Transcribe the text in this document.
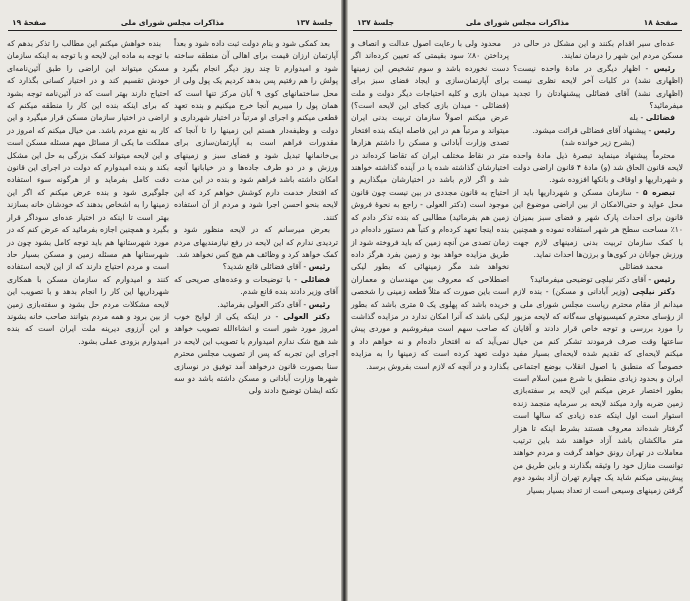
جلسهٔ ۱۳۷
مذاکرات مجلس شورای ملی
صفحهٔ ۱۹

بنده خواهش میکنم این مطالب را تذکر بدهم که با توجه به ماده این لایحه و با توجه به اینکه سازمان مسکن میتواند این اراضی را طبق آئین‌نامه‌ای خودش تقسیم کند و در اختیار کسانی بگذارد که احتیاج دارند بهتر است که در آئین‌نامه توجه بشود که برای اینکه بنده این کار را منطقه میکنم که اراضی در اختیار سازمان مسکن قرار میگیرد و این کار به نفع مردم باشد. من خیال میکنم که امروز در مملکت ما یکی از مسائل مهم مسئله مسکن است و این لایحه میتواند کمک بزرگی به حل این مشکل بکند و بنده امیدوارم که دولت در اجرای این قانون دقت کامل بفرماید و از هرگونه سوء استفاده جلوگیری شود و بنده عرض میکنم که اگر این زمینها را به اشخاص بدهند که خودشان خانه بسازند بهتر است تا اینکه در اختیار عده‌ای سوداگر قرار بگیرد و همچنین اجازه بفرمائید که عرض کنم که در مورد شهرستانها هم باید توجه کامل بشود چون در شهرستانها هم مسئله زمین و مسکن بسیار حاد است و مردم احتیاج دارند که از این لایحه استفاده کنند و امیدوارم که سازمان مسکن با همکاری شهرداریها این کار را انجام بدهد و با تصویب این لایحه مشکلات مردم حل بشود و سفته‌بازی زمین از بین برود و همه مردم بتوانند صاحب خانه بشوند و این آرزوی دیرینه ملت ایران است که بنده امیدوارم بزودی عملی بشود.

بعد کمکی شود و بنام دولت ثبت داده شود و بعداً آپارتمان ارزان قیمت برای اهالی آن منطقه ساخته شود و امیدوارم تا چند روز دیگر انجام بگیرد و پولش را هم رفتیم پس بدهد کردیم یک پول ولی از محل ساختمانهای کوی ۹ آبان مرکز تنها است که همان پول را میبریم آنجا خرج میکنیم و بنده تعهد قطعی میکنم و اجرای او مرتباً در اختیار شهرداری و دولت و وظیفه‌دار هستم این زمینها را تا آنجا که مقدورات فراهم است به آپارتمان‌سازی برای بی‌خانمانها تبدیل شود و فضای سبز و زمینهای ورزش و در دو طرف جاده‌ها و در خیابانها آنچه امکان داشته باشد فراهم شود و بنده در این مدت که افتخار خدمت دارم کوشش خواهم کرد که این لایحه بنحو احسن اجرا شود و مردم از آن استفاده کنند.

بعرض میرسانم که در لایحه منظور شود و تردیدی ندارم که این لایحه در رفع نیازمندیهای مردم کمک خواهد کرد و وظائف هم هیچ کس نخواهد شد.

رئیس - آقای فضائلی قانع شدید؟

فضائلی - با توضیحات و وعده‌های صریحی که آقای وزیر دادند بنده قانع شدم.

رئیس - آقای دکتر العولی بفرمائید.

دکتر العولی - در اینکه یکی از لوایح خوب امروز مورد شور است و انشاءالله تصویب خواهد شد هیچ شک ندارم امیدوارم با تصویب این لایحه در اجرای این تجربه که پس از تصویب مجلس محترم سنا بصورت قانون درخواهد آمد توفیق در نوسازی شهرها وزارت آبادانی و مسکن داشته باشد دو سه نکته ایشان توضیح دادند ولی

صفحهٔ ۱۸
مذاکرات مجلس شورای ملی
جلسهٔ ۱۳۷

محدود ولی با رعایت اصول عدالت و انصاف و پرداختن ۸۰٪ سود بقیمتی که تعیین کرده‌اند اگر دست نخورده باشد و سوم تشخیص این زمینها برای آپارتمان‌سازی و ایجاد فضای سبز برای میدان بازی و کلیه احتیاجات دیگر دولت و ملت (فضائلی - میدان بازی کجای این لایحه است؟) عرض میکنم اصولاً سازمان تربیت بدنی ایران میتواند و مرتباً هم در این فاصله اینکه بنده افتخار تصدی وزارت آبادانی و مسکن را داشتم هزارها متر در نقاط مختلف ایران که تقاضا کرده‌اند در اختیارشان گذاشته شده یا در آینده گذاشته خواهند شد و اگر لازم باشد در اختیارشان میگذاریم و احتیاج به قانون مجددی در بین نیست چون قانون موجود است (دکتر العولی - راجع به نحوهٔ فروش زمین هم بفرمائید) مطالبی که بنده تذکر دادم که بنده اینجا تعهد کرده‌ام و کتباً هم دستور داده‌ام در زمان تصدی من آنچه زمین که باید فروخته شود از طریق مزایده خواهد بود و زمین بفرد هرگز داده نخواهد شد مگر زمینهائی که بطور لیکی اصطلاحی که معروف بین مهندسان و معماران است باین صورت که مثلاً قطعه زمینی را شخصی خریده باشد که پهلوی یک ۵ متری باشد که بطور لیکی باشد که آنرا امکان ندارد در مزایده گذاشت که صاحب سهم است میفروشیم و موردی پیش نمی‌آید که نه افتخار داده‌ام و نه خواهم داد و دولت تعهد کرده است که زمینها را به مزایده بگذارد و در آنچه که لازم است بفروش برسد.

عده‌ای سیر اقدام بکنند و این مشکل در حالی در مسکن مردم این شهر را درمان نمایند.

رئیس - اظهار دیگری در مادهٔ واحده نیست؟ (اظهاری نشد) در کلیات آخر لایحه نظری نیست (اظهاری نشد) آقای فضائلی پیشنهادتان را تجدید میفرمائید؟

فضائلی - بله

رئیس - پیشنهاد آقای فضائلی قرائت میشود.

(بشرح زیر خوانده شد)

محترماً پیشنهاد مینماید تبصرهٔ ذیل مادهٔ واحده لایحه قانون الحاق شد (و) مادهٔ ۴ قانون اراضی دولت و شهرداریها و اوقاف و بانکها افزوده شود.

تبصره ۵ - سازمان مسکن و شهرداریها باید از محل عواید و حتی‌الامکان از بین اراضی موضوع این قانون برای احداث پارک شهر و فضای سبز بمیزان ۱۰٪ مساحت سطح هر شهر استفاده نموده و همچنین با کمک سازمان تربیت بدنی زمینهای لازم جهت ورزش جوانان در کوی‌ها و برزن‌ها احداث نماید.

محمد فضائلی

رئیس - آقای دکتر نیلچی توضیحی میفرمائید؟

دکتر نیلچی (وزیر آبادانی و مسکن) - بنده لازم میدانم از مقام محترم ریاست مجلس شورای ملی و از رؤسای محترم کمیسیونهای سه‌گانه که لایحه مزبور را مورد بررسی و توجه خاص قرار دادند و آقایان ساعتها وقت صرف فرمودند تشکر کنم من خیال میکنم لایحه‌ای که تقدیم شده لایحه‌ای بسیار مفید خصوصاً که منطبق با اصول انقلاب بوضع اجتماعی ایران و بحدود زیادی منطبق با شرع مبین اسلام است بطور اختصار عرض میکنم این لایحه بر سفته‌بازی زمین ضربه وارد میکند لایحه بر سرمایه منجمد زنده استوار است اول اینکه عده زیادی که سالها است گرفتار شده‌اند معروف هستند بشرط اینکه تا هزار متر مالکشان باشد آزاد خواهند شد باین ترتیب معاملات در تهران رونق خواهد گرفت و مردم خواهند توانست منازل خود را وثیقه بگذارند و باین طریق من پیش‌بینی میکنم شاید یک چهارم تهران آزاد بشود دوم گرفتن زمینهای وسیعی است از تعداد بسیار بسیار
